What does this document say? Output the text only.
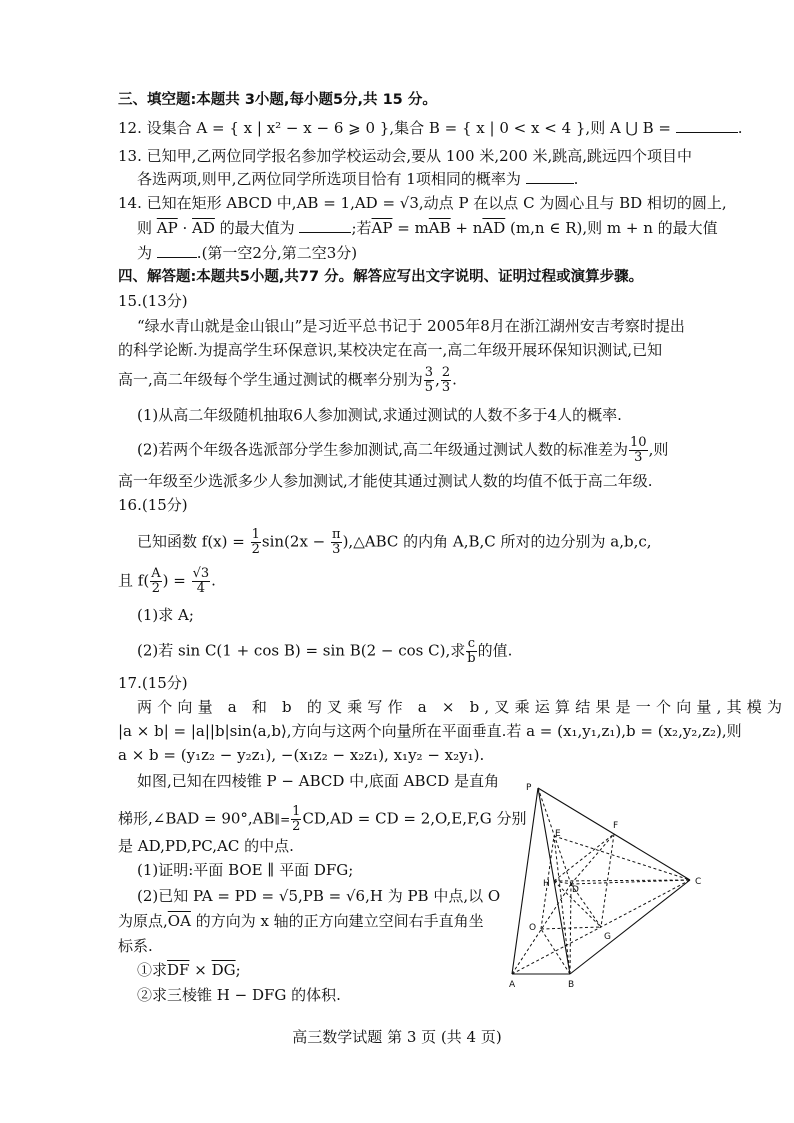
三、填空题:本题共 3小题,每小题5分,共 15 分。
12. 设集合 A = { x | x² − x − 6 ⩾ 0 },集合 B = { x | 0 < x < 4 },则 A ⋃ B =	.
13. 已知甲,乙两位同学报名参加学校运动会,要从 100 米,200 米,跳高,跳远四个项目中
各选两项,则甲,乙两位同学所选项目恰有 1项相同的概率为	.
14. 已知在矩形 ABCD 中,AB = 1,AD = √3,动点 P 在以点 C 为圆心且与 BD 相切的圆上,
则 $\overline{AP} \cdot \overline{AD}$ 的最大值为	;若$\overline{AP} = m\overline{AB} + n\overline{AD}$ (m,n ∈ R),则 m + n 的最大值
为	.(第一空2分,第二空3分)
四、解答题:本题共5小题,共77 分。解答应写出文字说明、证明过程或演算步骤。
15.(13分)
“绿水青山就是金山银山”是习近平总书记于 2005年8月在浙江湖州安吉考察时提出
的科学论断.为提高学生环保意识,某校决定在高一,高二年级开展环保知识测试,已知
高一,高二年级每个学生通过测试的概率分别为 $\frac{3}{5}$ , $\frac{2}{3}$ .
(1)从高二年级随机抽取6人参加测试,求通过测试的人数不多于4人的概率.
(2)若两个年级各选派部分学生参加测试,高二年级通过测试人数的标准差为 $\frac{10}{3}$ ,则
高一年级至少选派多少人参加测试,才能使其通过测试人数的均值不低于高二年级.
16.(15分)
已知函数 $f(x) = \frac{1}{2} \sin(2x - \frac{\pi}{3}$ ),△ABC 的内角 A,B,C 所对的边分别为 a,b,c,
且 $f( \frac{A}{2}$ ) = $\frac{√3}{4}$ .
(1)求 A;
(2)若 sin C(1 + cos B) = sin B(2 − cos C),求 $\frac{c}{b}$ 的值.
17.(15分)
两个向量 a 和 b 的叉乘写作 a × b,叉乘运算结果是一个向量,其模为
|a × b| = |a||b|sin⟨a,b⟩,方向与这两个向量所在平面垂直.若 a = (x₁,y₁,z₁),b = (x₂,y₂,z₂),则
a × b = (y₁z₂ − y₂z₁), −(x₁z₂ − x₂z₁), x₁y₂ − x₂y₁).
如图,已知在四棱锥 P − ABCD 中,底面 ABCD 是直角
梯形,∠BAD = 90°,AB∥= $\frac{1}{2} CD,AD$ = CD = 2,O,E,F,G 分别
是 AD,PD,PC,AC 的中点.
(1)证明:平面 BOE ∥ 平面 DFG;
(2)已知 PA = PD = √5,PB = √6,H 为 PB 中点,以 O
为原点$,\overline{OA}$ 的方向为 x 轴的正方向建立空间右手直角坐
标系.
①求$\overline{DF} \times \overline{DG}$;
②求三棱锥 H − DFG 的体积.
P
E
F
H
D
C
O
G
A	B
高三数学试题 第 3 页 (共 4 页)
